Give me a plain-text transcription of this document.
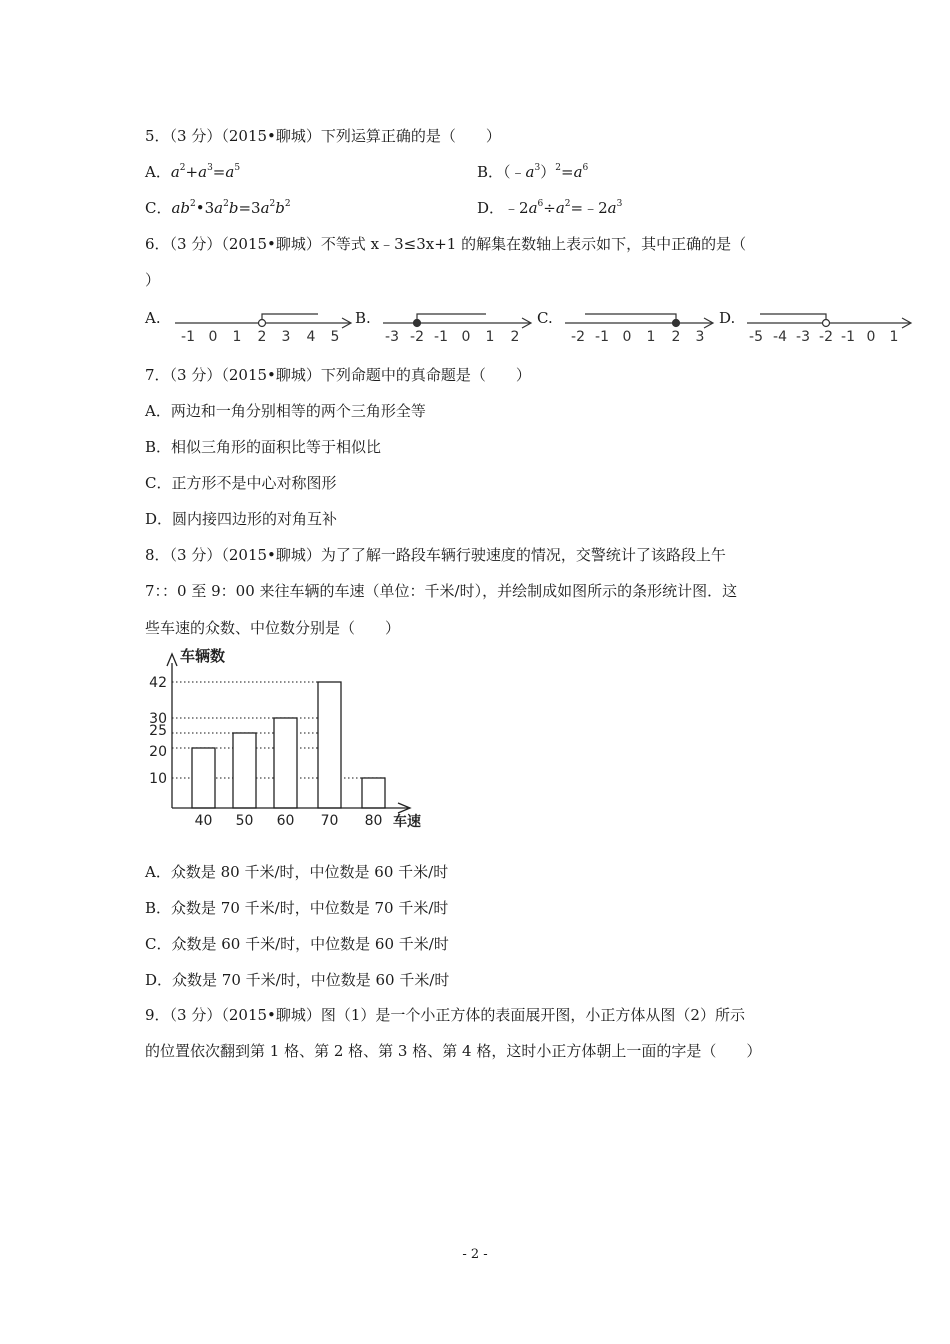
5．（3 分）（2015•聊城）下列运算正确的是（　　）
A．$a^2+a^3=a^5$	B．$(﹣a^3)^2=a^6$
C．$ab^2•3a^2b=3a^2b^2$	D．$﹣2a^6\div a^2=﹣2a^3$
6．（3 分）（2015•聊城）不等式 x﹣3≤3x+1 的解集在数轴上表示如下，其中正确的是（
）
A.
-1 0 1 2 3 4 5
B.
-3 -2 -1 0 1 2
C.
-2 -1 0 1 2 3
D.
-5 -4 -3 -2 -1 0 1
7．（3 分）（2015•聊城）下列命题中的真命题是（　　）
A．两边和一角分别相等的两个三角形全等
B．相似三角形的面积比等于相似比
C．正方形不是中心对称图形
D．圆内接四边形的对角互补
8．（3 分）（2015•聊城）为了了解一路段车辆行驶速度的情况，交警统计了该路段上午
7：：0 至 9：00 来往车辆的车速（单位：千米/时），并绘制成如图所示的条形统计图．这
些车速的众数、中位数分别是（　　）
车辆数
车速
10
20
25
30
42
40 50 60 70 80
A．众数是 80 千米/时，中位数是 60 千米/时
B．众数是 70 千米/时，中位数是 70 千米/时
C．众数是 60 千米/时，中位数是 60 千米/时
D．众数是 70 千米/时，中位数是 60 千米/时
9．（3 分）（2015•聊城）图（1）是一个小正方体的表面展开图，小正方体从图（2）所示
的位置依次翻到第 1 格、第 2 格、第 3 格、第 4 格，这时小正方体朝上一面的字是（　　）
- 2 -
